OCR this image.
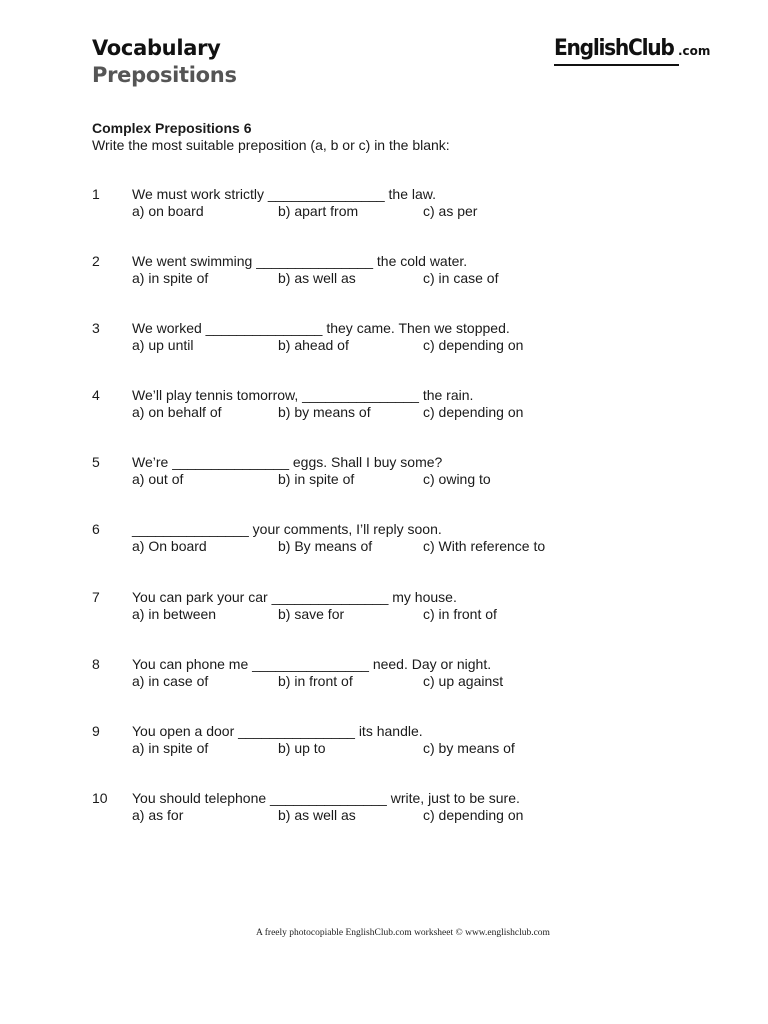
Vocabulary
Prepositions
EnglishClub .com
Complex Prepositions 6
Write the most suitable preposition (a, b or c) in the blank:
1 We must work strictly _______________ the law.
a) on board	b) apart from	c) as per
2 We went swimming _______________ the cold water.
a) in spite of	b) as well as	c) in case of
3 We worked _______________ they came. Then we stopped.
a) up until	b) ahead of	c) depending on
4 We’ll play tennis tomorrow, _______________ the rain.
a) on behalf of	b) by means of	c) depending on
5 We’re _______________ eggs. Shall I buy some?
a) out of	b) in spite of	c) owing to
6 _______________ your comments, I’ll reply soon.
a) On board	b) By means of	c) With reference to
7 You can park your car _______________ my house.
a) in between	b) save for	c) in front of
8 You can phone me _______________ need. Day or night.
a) in case of	b) in front of	c) up against
9 You open a door _______________ its handle.
a) in spite of	b) up to	c) by means of
10 You should telephone _______________ write, just to be sure.
a) as for	b) as well as	c) depending on
A freely photocopiable EnglishClub.com worksheet © www.englishclub.com
